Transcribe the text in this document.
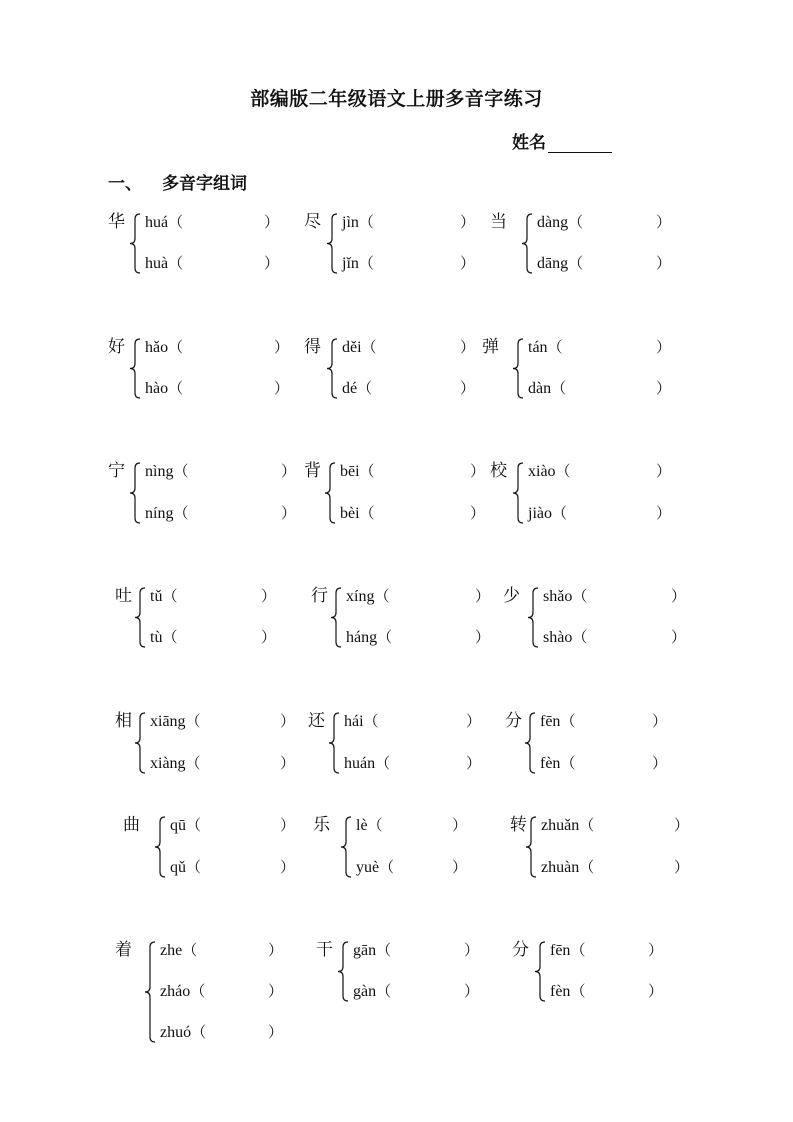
部编版二年级语文上册多音字练习
姓名
一、 多音字组词
华 huá（	）
huà（	）
尽 jìn（	）
jǐn（	）
当 dàng（	）
dāng（	）
好 hǎo（	）
hào（	）
得 děi（	）
dé（	）
弹 tán（	）
dàn（	）
宁 nìng（	）
níng（	）
背 bēi（	）
bèi（	）
校 xiào（	）
jiào（	）
吐 tǔ（	）
tù（	）
行 xíng（	）
háng（	）
少 shǎo（	）
shào（	）
相 xiāng（	）
xiàng（	）
还 hái（	）
huán（	）
分 fēn（	）
fèn（	）
曲 qū（	）
qǔ（	）
乐 lè（	）
yuè（	）
转 zhuǎn（	）
zhuàn（	）
着 zhe（	）
zháo（	）
zhuó（	）
干 gān（	）
gàn（	）
分 fēn（	）
fèn（	）
